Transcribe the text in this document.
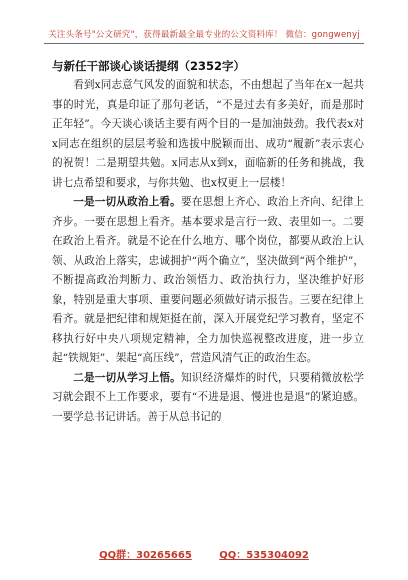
关注头条号"公文研究"，获得最新最全最专业的公文资料库！ 微信：gongwenyj
与新任干部谈心谈话提纲（2352字）

看到x同志意气风发的面貌和状态，不由想起了当年在x一起共事的时光，真是印证了那句老话，“不是过去有多美好，而是那时正年轻”。今天谈心谈话主要有两个目的一是加油鼓劲。我代表x对x同志在组织的层层考验和选拔中脱颖而出、成功“履新”表示衷心的祝贺！二是期望共勉。x同志从x到x，面临新的任务和挑战，我讲七点希望和要求，与你共勉、也x权更上一层楼！

一是一切从政治上看。要在思想上齐心、政治上齐向、纪律上齐步。一要在思想上看齐。基本要求是言行一致、表里如一。二要在政治上看齐。就是不论在什么地方、哪个岗位，都要从政治上认领、从政治上落实，忠诚拥护“两个确立”，坚决做到“两个维护”，不断提高政治判断力、政治领悟力、政治执行力，坚决维护好形象，特别是重大事项、重要问题必须做好请示报告。三要在纪律上看齐。就是把纪律和规矩挺在前，深入开展党纪学习教育，坚定不移执行好中央八项规定精神，全力加快巡视整改进度，进一步立起“铁规矩”、架起“高压线”，营造风清气正的政治生态。

二是一切从学习上悟。知识经济爆炸的时代，只要稍微放松学习就会跟不上工作要求，要有“不进是退、慢进也是退”的紧迫感。一要学总书记讲话。善于从总书记的

QQ群：30265665	QQ：535304092
